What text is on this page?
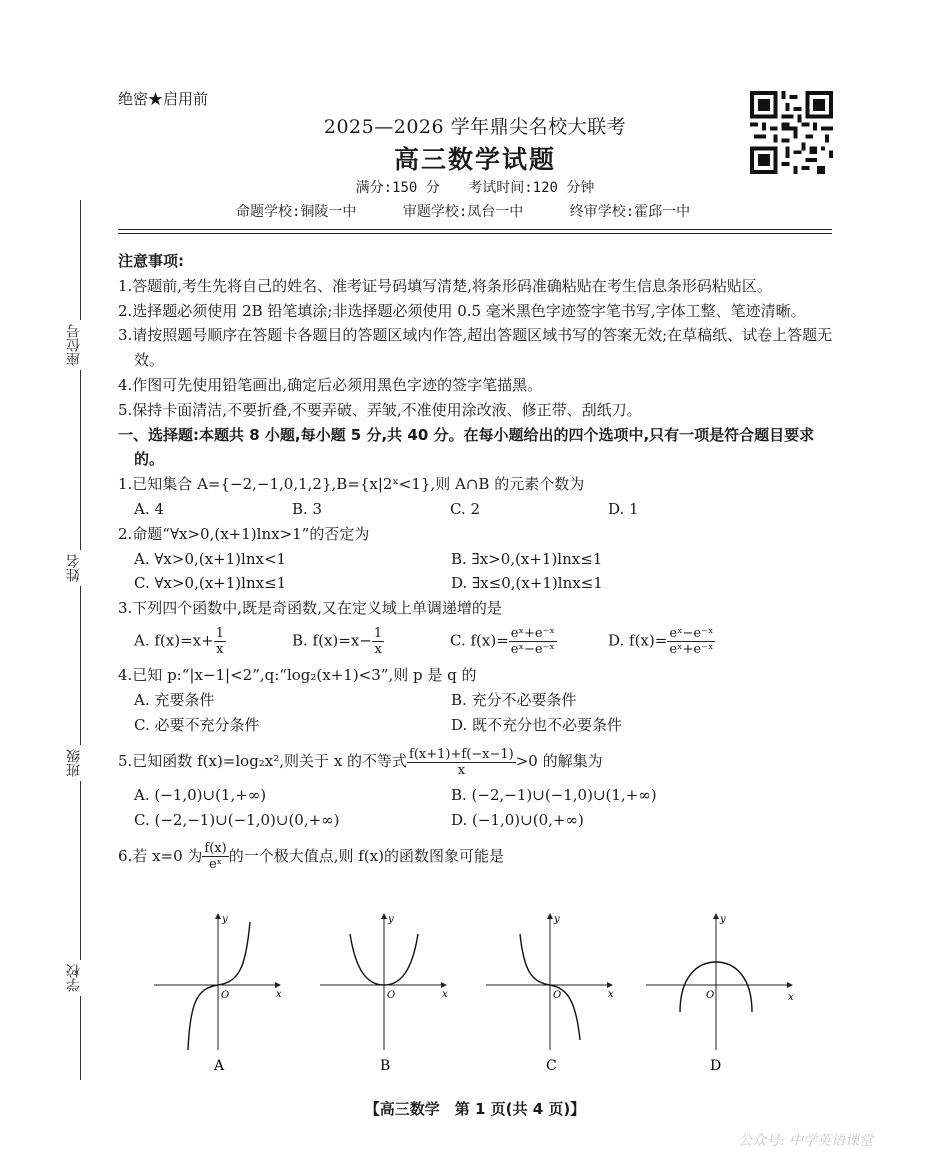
绝密★启用前
2025—2026 学年鼎尖名校大联考
高三数学试题
满分:150 分 考试时间:120 分钟
命题学校:铜陵一中	审题学校:凤台一中	终审学校:霍邱一中
座位号
姓名
班级
学校

注意事项:

1.答题前,考生先将自己的姓名、准考证号码填写清楚,将条形码准确粘贴在考生信息条形码粘贴区。

2.选择题必须使用 2B 铅笔填涂;非选择题必须使用 0.5 毫米黑色字迹签字笔书写,字体工整、笔迹清晰。

3.请按照题号顺序在答题卡各题目的答题区域内作答,超出答题区域书写的答案无效;在草稿纸、试卷上答题无效。

4.作图可先使用铅笔画出,确定后必须用黑色字迹的签字笔描黑。

5.保持卡面清洁,不要折叠,不要弄破、弄皱,不准使用涂改液、修正带、刮纸刀。

一、选择题:本题共 8 小题,每小题 5 分,共 40 分。在每小题给出的四个选项中,只有一项是符合题目要求的。

1.已知集合 A={−2,−1,0,1,2},B={x|2ˣ<1},则 A∩B 的元素个数为

A. 4	B. 3	C. 2	D. 1

2.命题“∀x>0,(x+1)lnx>1”的否定为

A. ∀x>0,(x+1)lnx<1	B. ∃x>0,(x+1)lnx≤1
C. ∀x>0,(x+1)lnx≤1	D. ∃x≤0,(x+1)lnx≤1

3.下列四个函数中,既是奇函数,又在定义域上单调递增的是

A. $f(x)=x+ \frac{1}{x}$	B. $f(x)=x- \frac{1}{x}$	C. $f(x)= \frac{\text{eˣ+e⁻ˣ}}{\text{eˣ−e⁻ˣ}}$	D. $f(x)= \frac{\text{eˣ−e⁻ˣ}}{\text{eˣ+e⁻ˣ}}$

4.已知 p:“|x−1|<2”,q:“log₂(x+1)<3”,则 p 是 q 的

A. 充要条件	B. 充分不必要条件
C. 必要不充分条件	D. 既不充分也不必要条件

5.已知函数 f(x)=log₂x²,则关于 x 的不等式 $\frac{f(x+1)+f(-x-1)}{x} >0$ 的解集为

A. (−1,0)∪(1,+∞)	B. (−2,−1)∪(−1,0)∪(1,+∞)
C. (−2,−1)∪(−1,0)∪(0,+∞)	D. (−1,0)∪(0,+∞)

6.若 x=0 为 $\frac{f(x)}{\text{eˣ}}$ 的一个极大值点,则 f(x)的函数图象可能是

x
y
O
A
x
y
O
B
x
y
O
C
x
y
O
D
【高三数学　第 1 页(共 4 页)】
公众号: 中学英语课堂
